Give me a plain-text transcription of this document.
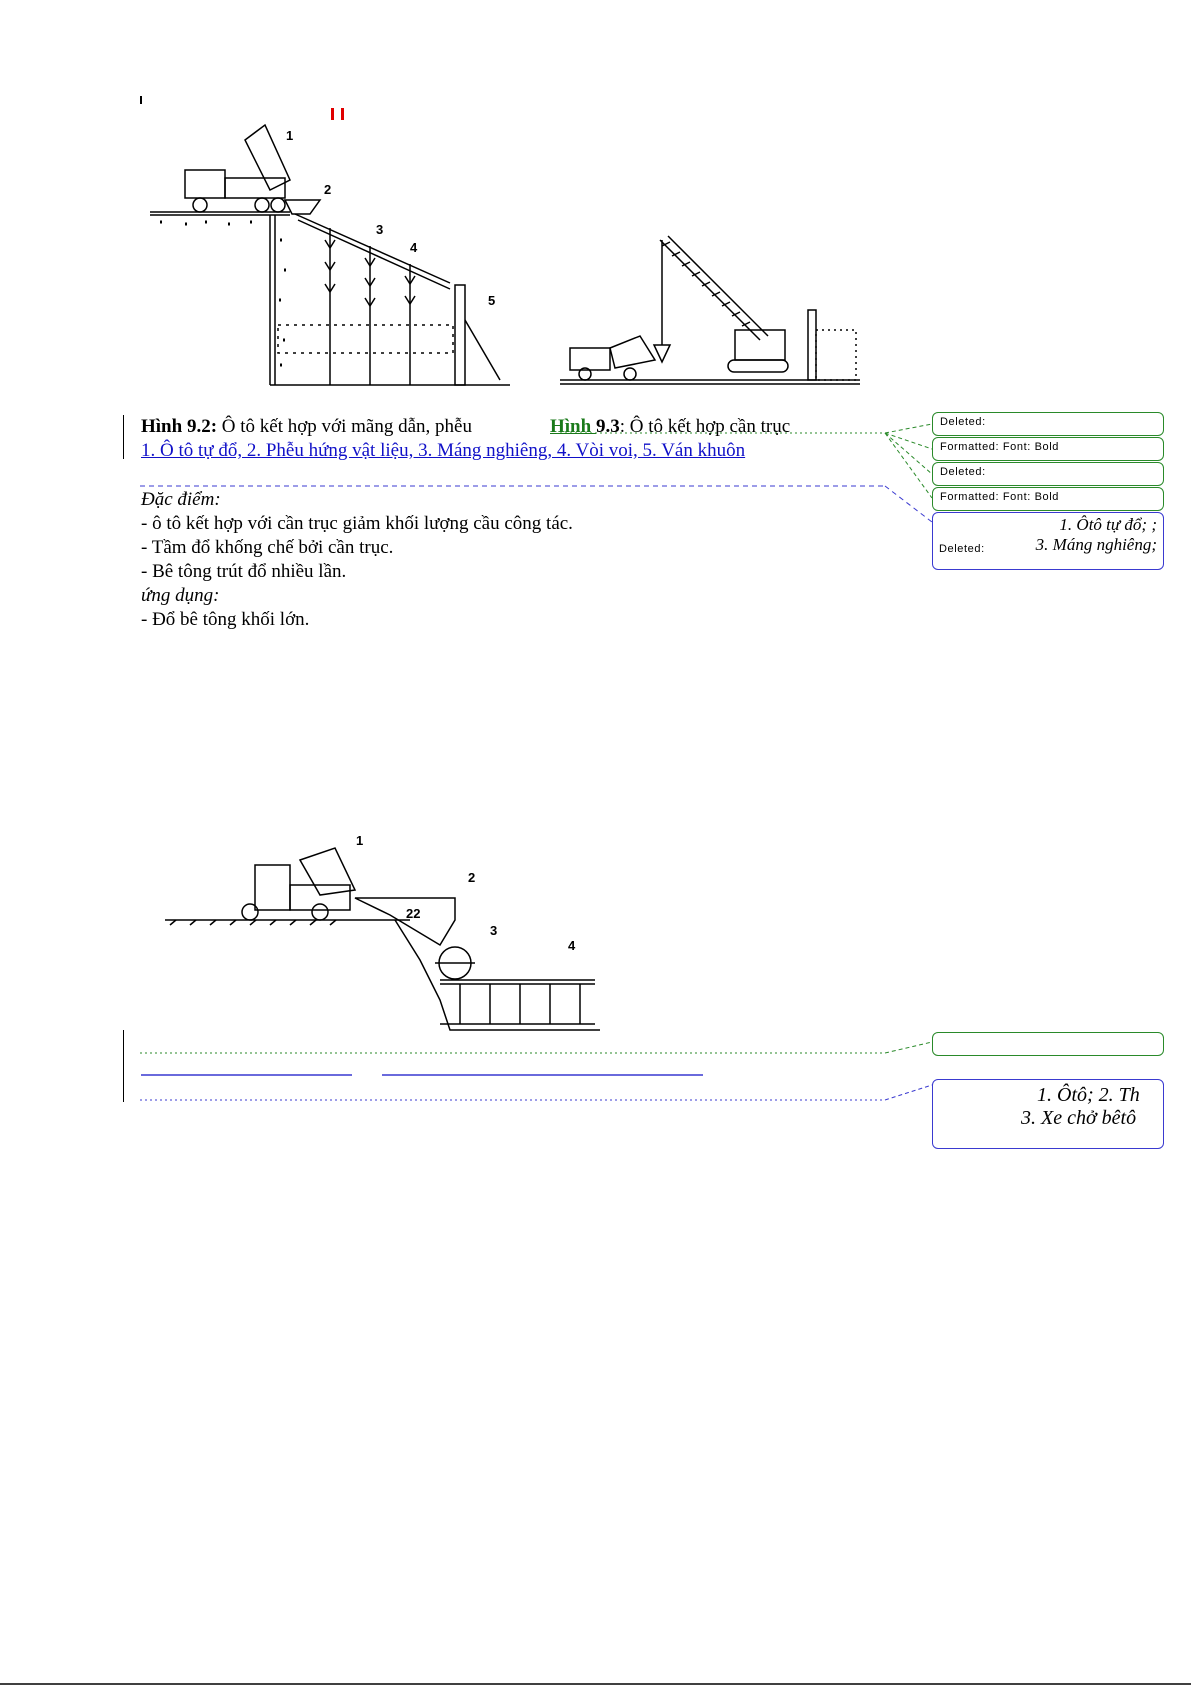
1
2
3
4
5
1
2
22
3
4
Hình 9.2: Ô tô kết hợp với mãng dẫn, phễu	Hình 9.3: Ô tô kết hợp cần trục
1. Ô tô tự đổ, 2. Phễu hứng vật liệu, 3. Máng nghiêng, 4. Vòi voi, 5. Ván khuôn
Đặc điểm:
- ô tô kết hợp với cần trục giảm khối lượng cầu công tác.
- Tầm đổ khống chế bởi cần trục.
- Bê tông trút đổ nhiều lần.
ứng dụng:
- Đổ bê tông khối lớn.
Deleted:
Formatted: Font: Bold
Deleted:
Formatted: Font: Bold
1. Ôtô tự đổ; ;
Deleted:	3. Máng nghiêng;
1. Ôtô; 2. Th
3. Xe chở bêtô
